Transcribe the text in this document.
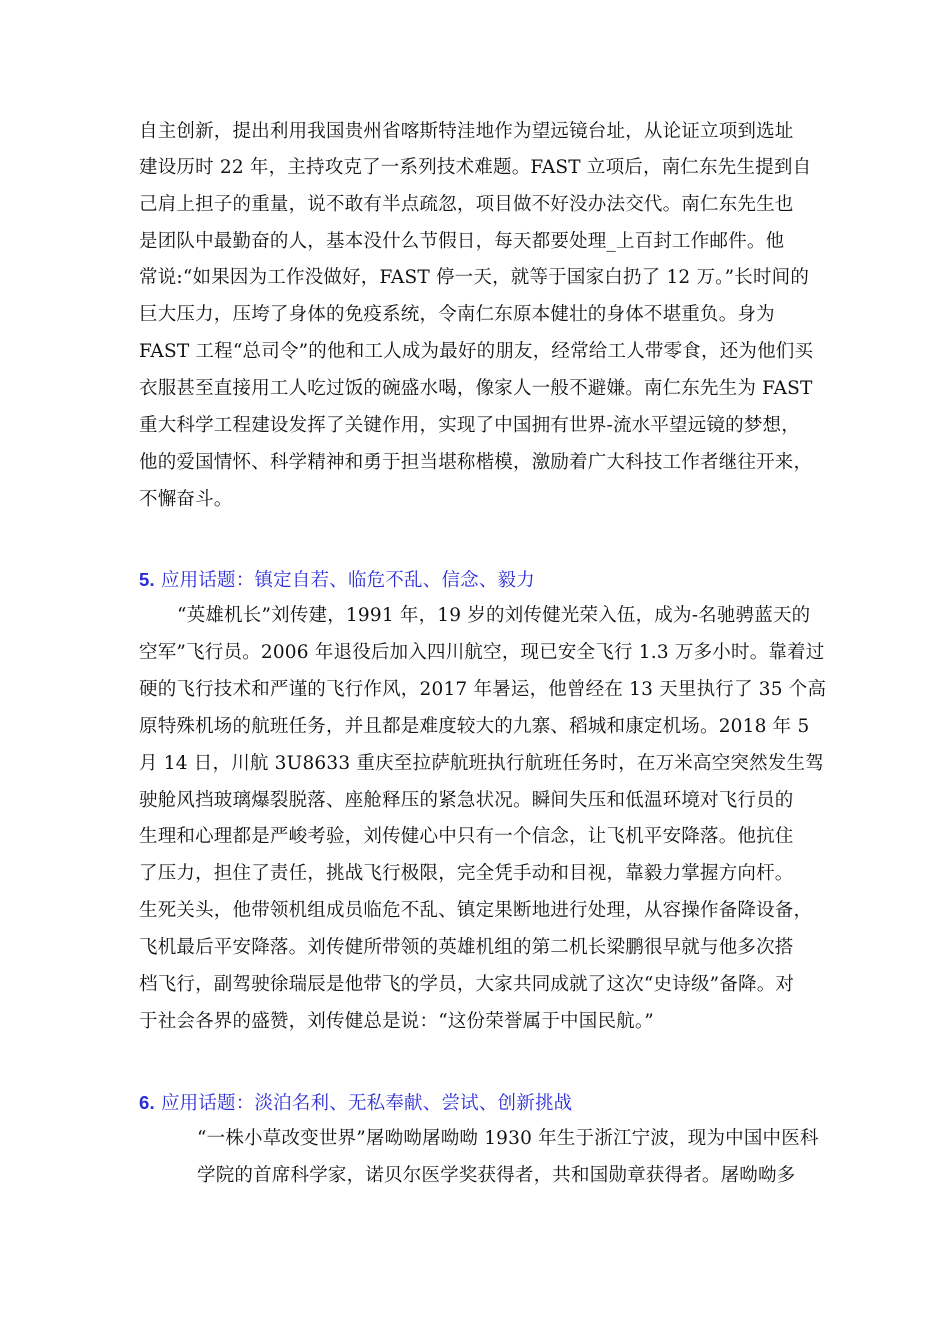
自主创新，提出利用我国贵州省喀斯特洼地作为望远镜台址，从论证立项到选址
建设历时 22 年，主持攻克了一系列技术难题。FAST 立项后，南仁东先生提到自
己肩上担子的重量，说不敢有半点疏忽，项目做不好没办法交代。南仁东先生也
是团队中最勤奋的人，基本没什么节假日，每天都要处理_上百封工作邮件。他
常说:“如果因为工作没做好，FAST 停一天，就等于国家白扔了 12 万。”长时间的
巨大压力，压垮了身体的免疫系统，令南仁东原本健壮的身体不堪重负。身为
FAST 工程“总司令”的他和工人成为最好的朋友，经常给工人带零食，还为他们买
衣服甚至直接用工人吃过饭的碗盛水喝，像家人一般不避嫌。南仁东先生为 FAST
重大科学工程建设发挥了关键作用，实现了中国拥有世界-流水平望远镜的梦想，
他的爱国情怀、科学精神和勇于担当堪称楷模，激励着广大科技工作者继往开来，
不懈奋斗。
5. 应用话题：镇定自若、临危不乱、信念、毅力
“英雄机长”刘传建，1991 年，19 岁的刘传健光荣入伍，成为-名驰骋蓝天的
空军”飞行员。2006 年退役后加入四川航空，现已安全飞行 1.3 万多小时。靠着过
硬的飞行技术和严谨的飞行作风，2017 年暑运，他曾经在 13 天里执行了 35 个高
原特殊机场的航班任务，并且都是难度较大的九寨、稻城和康定机场。2018 年 5
月 14 日，川航 3U8633 重庆至拉萨航班执行航班任务时，在万米高空突然发生驾
驶舱风挡玻璃爆裂脱落、座舱释压的紧急状况。瞬间失压和低温环境对飞行员的
生理和心理都是严峻考验，刘传健心中只有一个信念，让飞机平安降落。他抗住
了压力，担住了责任，挑战飞行极限，完全凭手动和目视，靠毅力掌握方向杆。
生死关头，他带领机组成员临危不乱、镇定果断地进行处理，从容操作备降设备，
飞机最后平安降落。刘传健所带领的英雄机组的第二机长梁鹏很早就与他多次搭
档飞行，副驾驶徐瑞辰是他带飞的学员，大家共同成就了这次“史诗级”备降。对
于社会各界的盛赞，刘传健总是说：“这份荣誉属于中国民航。”
6. 应用话题：淡泊名利、无私奉献、尝试、创新挑战
“一株小草改变世界”屠呦呦屠呦呦 1930 年生于浙江宁波，现为中国中医科
学院的首席科学家，诺贝尔医学奖获得者，共和国勋章获得者。屠呦呦多
